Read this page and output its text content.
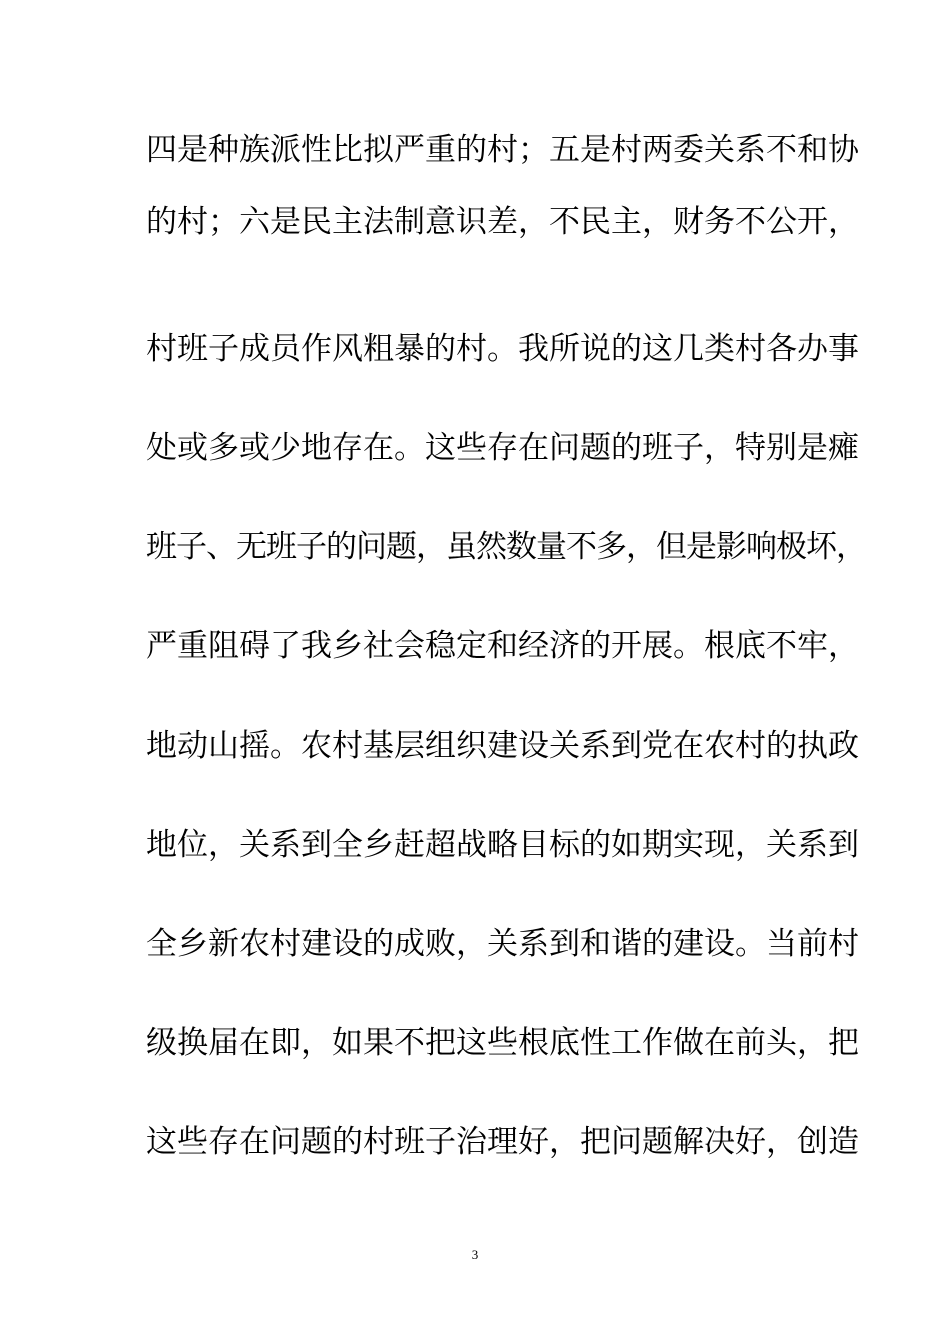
四是种族派性比拟严重的村；五是村两委关系不和协
的村；六是民主法制意识差，不民主，财务不公开，
村班子成员作风粗暴的村。我所说的这几类村各办事
处或多或少地存在。这些存在问题的班子，特别是瘫
班子、无班子的问题，虽然数量不多，但是影响极坏，
严重阻碍了我乡社会稳定和经济的开展。根底不牢，
地动山摇。农村基层组织建设关系到党在农村的执政
地位，关系到全乡赶超战略目标的如期实现，关系到
全乡新农村建设的成败，关系到和谐的建设。当前村
级换届在即，如果不把这些根底性工作做在前头，把
这些存在问题的村班子治理好，把问题解决好，创造
3
